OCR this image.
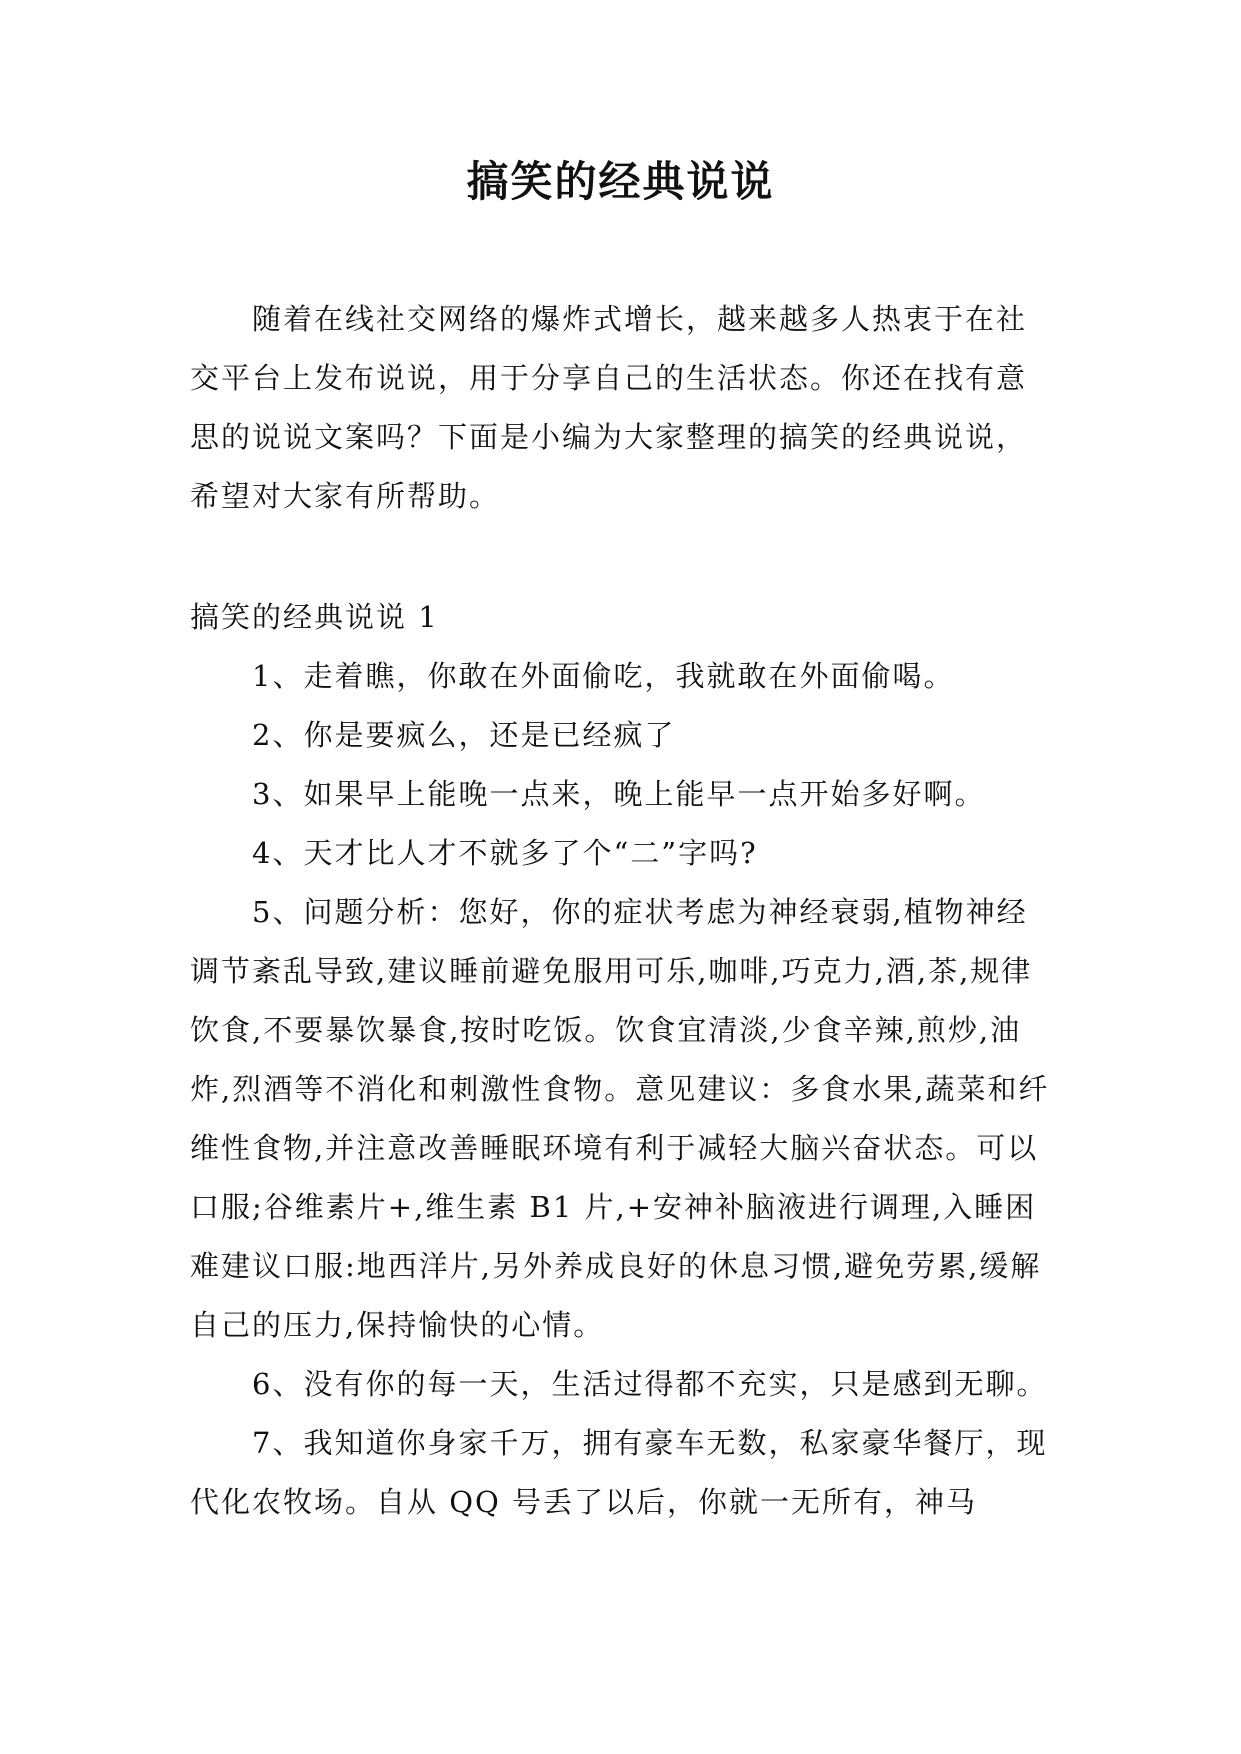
搞笑的经典说说

随着在线社交网络的爆炸式增长，越来越多人热衷于在社交平台上发布说说，用于分享自己的生活状态。你还在找有意思的说说文案吗？下面是小编为大家整理的搞笑的经典说说，希望对大家有所帮助。

搞笑的经典说说 1

1、走着瞧，你敢在外面偷吃，我就敢在外面偷喝。

2、你是要疯么，还是已经疯了

3、如果早上能晚一点来，晚上能早一点开始多好啊。

4、天才比人才不就多了个“二”字吗?

5、问题分析：您好，你的症状考虑为神经衰弱,植物神经调节紊乱导致,建议睡前避免服用可乐,咖啡,巧克力,酒,茶,规律饮食,不要暴饮暴食,按时吃饭。饮食宜清淡,少食辛辣,煎炒,油炸,烈酒等不消化和刺激性食物。意见建议：多食水果,蔬菜和纤维性食物,并注意改善睡眠环境有利于减轻大脑兴奋状态。可以口服;谷维素片+,维生素 B1 片,+安神补脑液进行调理,入睡困难建议口服:地西洋片,另外养成良好的休息习惯,避免劳累,缓解自己的压力,保持愉快的心情。

6、没有你的每一天，生活过得都不充实，只是感到无聊。

7、我知道你身家千万，拥有豪车无数，私家豪华餐厅，现代化农牧场。自从 QQ 号丢了以后，你就一无所有，神马
